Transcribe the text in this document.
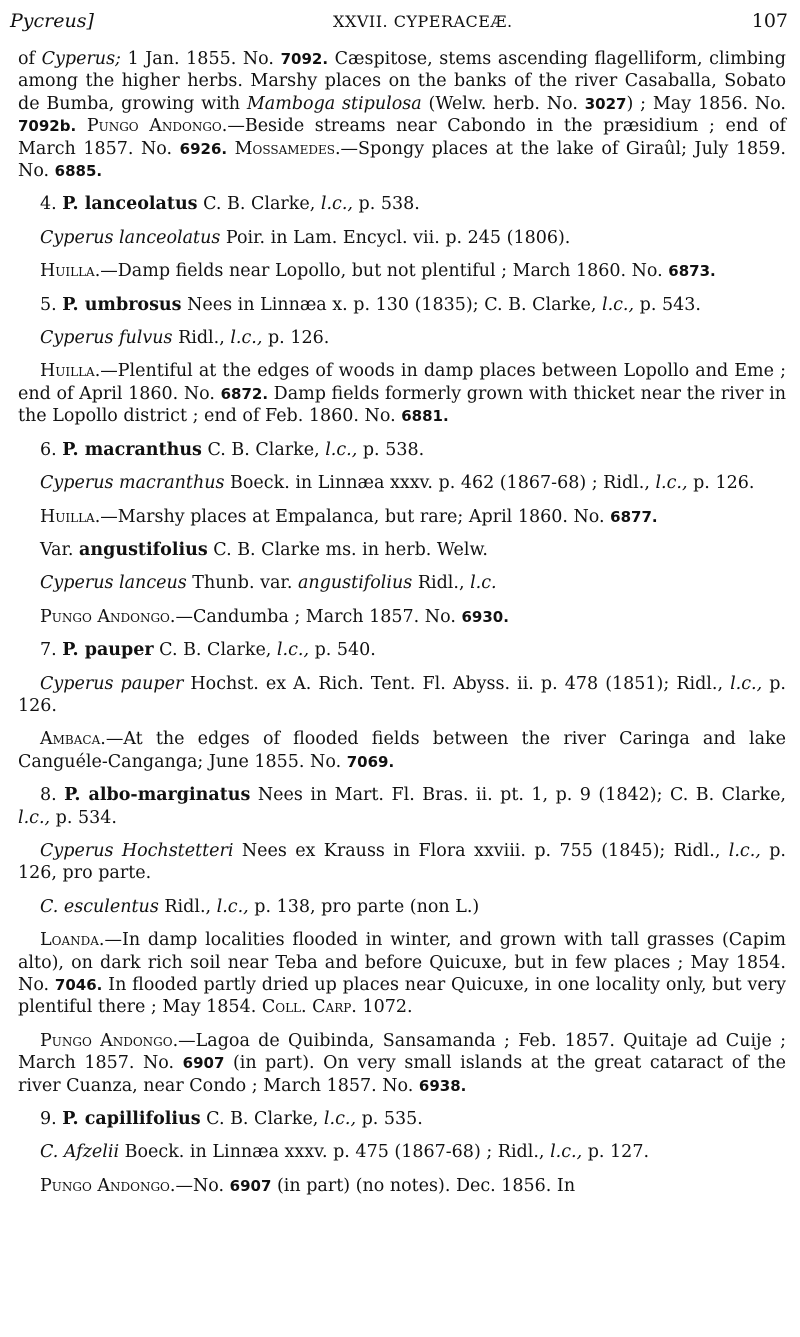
Pycreus]	XXVII. CYPERACEÆ.	107

of Cyperus; 1 Jan. 1855. No. 7092. Cæspitose, stems ascending flagelliform, climbing among the higher herbs. Marshy places on the banks of the river Casaballa, Sobato de Bumba, growing with Mamboga stipulosa (Welw. herb. No. 3027) ; May 1856. No. 7092b. Pungo Andongo.—Beside streams near Cabondo in the præsidium ; end of March 1857. No. 6926. Mossamedes.—Spongy places at the lake of Giraûl; July 1859. No. 6885.

4. P. lanceolatus C. B. Clarke, l.c., p. 538.

Cyperus lanceolatus Poir. in Lam. Encycl. vii. p. 245 (1806).

Huilla.—Damp fields near Lopollo, but not plentiful ; March 1860. No. 6873.

5. P. umbrosus Nees in Linnæa x. p. 130 (1835); C. B. Clarke, l.c., p. 543.

Cyperus fulvus Ridl., l.c., p. 126.

Huilla.—Plentiful at the edges of woods in damp places between Lopollo and Eme ; end of April 1860. No. 6872. Damp fields formerly grown with thicket near the river in the Lopollo district ; end of Feb. 1860. No. 6881.

6. P. macranthus C. B. Clarke, l.c., p. 538.

Cyperus macranthus Boeck. in Linnæa xxxv. p. 462 (1867-68) ; Ridl., l.c., p. 126.

Huilla.—Marshy places at Empalanca, but rare; April 1860. No. 6877.

Var. angustifolius C. B. Clarke ms. in herb. Welw.

Cyperus lanceus Thunb. var. angustifolius Ridl., l.c.

Pungo Andongo.—Candumba ; March 1857. No. 6930.

7. P. pauper C. B. Clarke, l.c., p. 540.

Cyperus pauper Hochst. ex A. Rich. Tent. Fl. Abyss. ii. p. 478 (1851); Ridl., l.c., p. 126.

Ambaca.—At the edges of flooded fields between the river Caringa and lake Canguéle-Canganga; June 1855. No. 7069.

8. P. albo-marginatus Nees in Mart. Fl. Bras. ii. pt. 1, p. 9 (1842); C. B. Clarke, l.c., p. 534.

Cyperus Hochstetteri Nees ex Krauss in Flora xxviii. p. 755 (1845); Ridl., l.c., p. 126, pro parte.

C. esculentus Ridl., l.c., p. 138, pro parte (non L.)

Loanda.—In damp localities flooded in winter, and grown with tall grasses (Capim alto), on dark rich soil near Teba and before Quicuxe, but in few places ; May 1854. No. 7046. In flooded partly dried up places near Quicuxe, in one locality only, but very plentiful there ; May 1854. Coll. Carp. 1072.

Pungo Andongo.—Lagoa de Quibinda, Sansamanda ; Feb. 1857. Quitaje ad Cuije ; March 1857. No. 6907 (in part). On very small islands at the great cataract of the river Cuanza, near Condo ; March 1857. No. 6938.

9. P. capillifolius C. B. Clarke, l.c., p. 535.

C. Afzelii Boeck. in Linnæa xxxv. p. 475 (1867-68) ; Ridl., l.c., p. 127.

Pungo Andongo.—No. 6907 (in part) (no notes). Dec. 1856. In
